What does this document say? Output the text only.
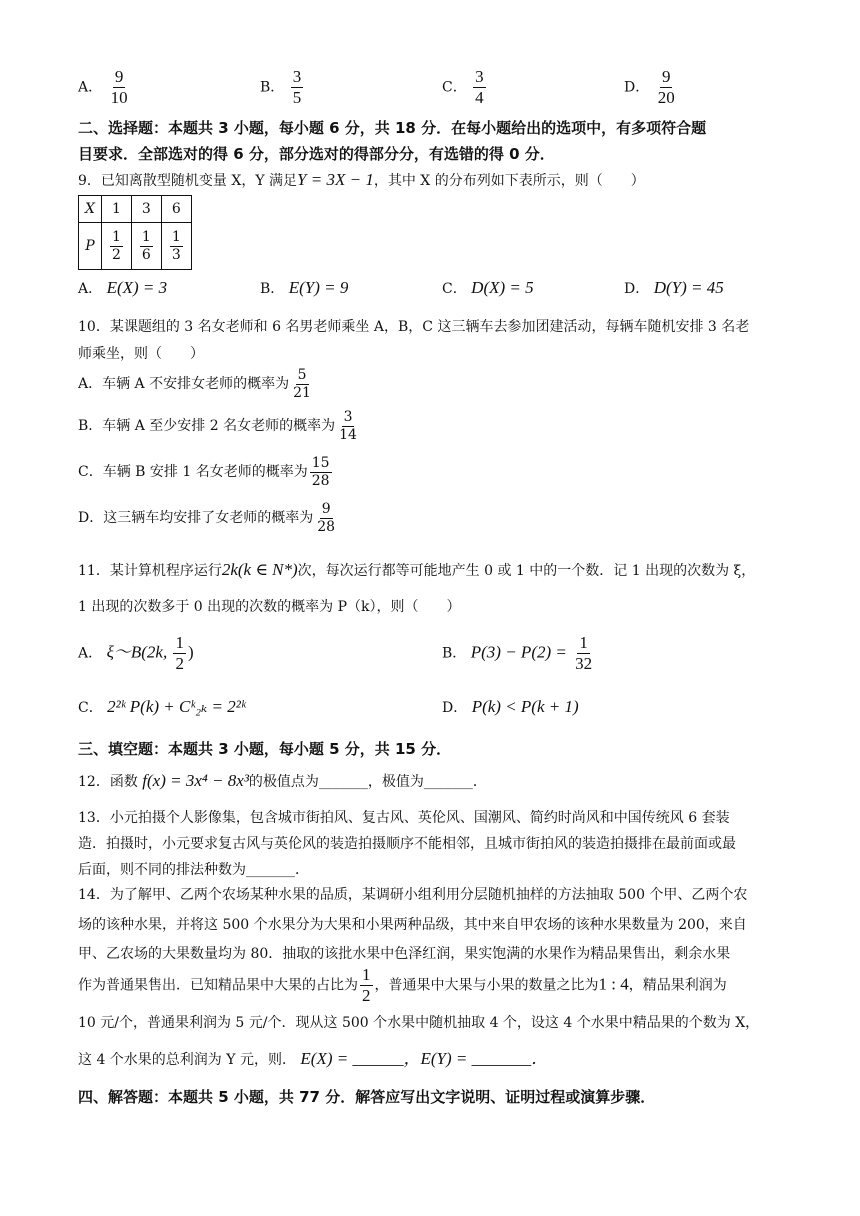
A． $\frac{9}{10}$	B． $\frac{3}{5}$	C． $\frac{3}{4}$	D． $\frac{9}{20}$
二、选择题：本题共 3 小题，每小题 6 分，共 18 分．在每小题给出的选项中，有多项符合题
目要求．全部选对的得 6 分，部分选对的得部分分，有选错的得 0 分．
9．已知离散型随机变量 X，Y 满足Y = 3X − 1，其中 X 的分布列如下表所示，则（　　）
X	1	3	6
P	$\frac{1}{2}$	$\frac{1}{6}$	$\frac{1}{3}$
A． E(X) = 3	B． E(Y) = 9	C． D(X) = 5	D． D(Y) = 45
10．某课题组的 3 名女老师和 6 名男老师乘坐 A，B，C 这三辆车去参加团建活动，每辆车随机安排 3 名老
师乘坐，则（　　）
A．车辆 A 不安排女老师的概率为 $\frac{5}{21}$
B．车辆 A 至少安排 2 名女老师的概率为 $\frac{3}{14}$
C．车辆 B 安排 1 名女老师的概率为 $\frac{15}{28}$
D．这三辆车均安排了女老师的概率为 $\frac{9}{28}$
11．某计算机程序运行2k(k ∈ N*)次，每次运行都等可能地产生 0 或 1 中的一个数．记 1 出现的次数为 ξ，
1 出现的次数多于 0 出现的次数的概率为 P（k），则（　　）
A． ξ～B(2k, $\frac{1}{2}$ )	B． $P(3) - P(2) = \frac{1}{32}$
C． 2²ᵏ P(k) + Cᵏ₂ₖ = 2²ᵏ	D． P(k) < P(k + 1)
三、填空题：本题共 3 小题，每小题 5 分，共 15 分．
12．函数 f(x) = 3x⁴ − 8x³的极值点为_______，极值为_______．
13．小元拍摄个人影像集，包含城市街拍风、复古风、英伦风、国潮风、简约时尚风和中国传统风 6 套装
造．拍摄时，小元要求复古风与英伦风的装造拍摄顺序不能相邻，且城市街拍风的装造拍摄排在最前面或最
后面，则不同的排法种数为_______．
14．为了解甲、乙两个农场某种水果的品质，某调研小组利用分层随机抽样的方法抽取 500 个甲、乙两个农
场的该种水果，并将这 500 个水果分为大果和小果两种品级，其中来自甲农场的该种水果数量为 200，来自
甲、乙农场的大果数量均为 80．抽取的该批水果中色泽红润，果实饱满的水果作为精品果售出，剩余水果
作为普通果售出．已知精品果中大果的占比为 $\frac{1}{2}$ ，普通果中大果与小果的数量之比为1 : 4，精品果利润为
10 元/个，普通果利润为 5 元/个．现从这 500 个水果中随机抽取 4 个，设这 4 个水果中精品果的个数为 X，
这 4 个水果的总利润为 Y 元，则． E(X) = ______，E(Y) = _______．
四、解答题：本题共 5 小题，共 77 分．解答应写出文字说明、证明过程或演算步骤．
